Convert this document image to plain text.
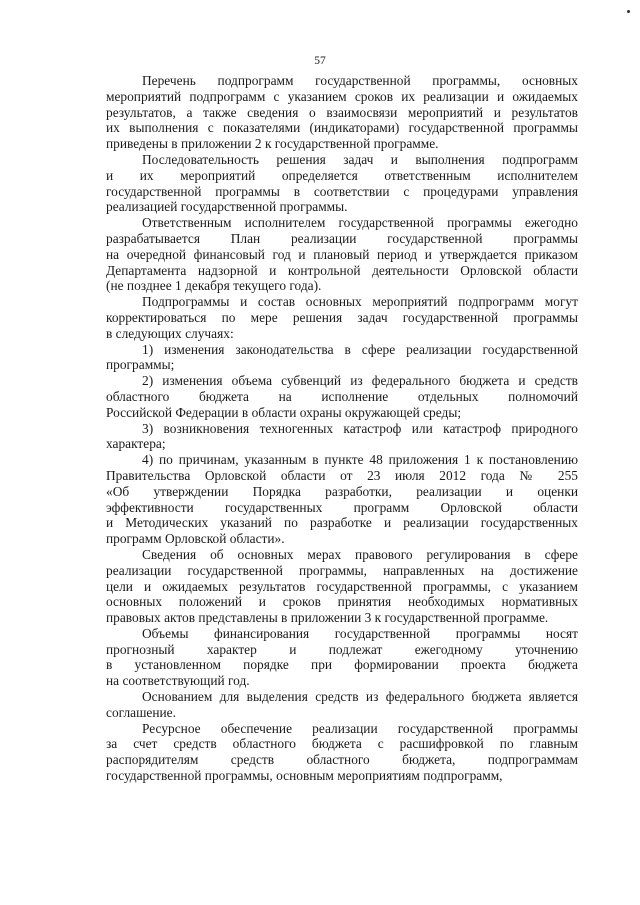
57
Перечень подпрограмм государственной программы, основных
мероприятий подпрограмм с указанием сроков их реализации и ожидаемых
результатов, а также сведения о взаимосвязи мероприятий и результатов
их выполнения с показателями (индикаторами) государственной программы
приведены в приложении 2 к государственной программе.
Последовательность решения задач и выполнения подпрограмм
и их мероприятий определяется ответственным исполнителем
государственной программы в соответствии с процедурами управления
реализацией государственной программы.
Ответственным исполнителем государственной программы ежегодно
разрабатывается План реализации государственной программы
на очередной финансовый год и плановый период и утверждается приказом
Департамента надзорной и контрольной деятельности Орловской области
(не позднее 1 декабря текущего года).
Подпрограммы и состав основных мероприятий подпрограмм могут
корректироваться по мере решения задач государственной программы
в следующих случаях:
1) изменения законодательства в сфере реализации государственной
программы;
2) изменения объема субвенций из федерального бюджета и средств
областного бюджета на исполнение отдельных полномочий
Российской Федерации в области охраны окружающей среды;
3) возникновения техногенных катастроф или катастроф природного
характера;
4) по причинам, указанным в пункте 48 приложения 1 к постановлению
Правительства Орловской области от 23 июля 2012 года № 255
«Об утверждении Порядка разработки, реализации и оценки
эффективности государственных программ Орловской области
и Методических указаний по разработке и реализации государственных
программ Орловской области».
Сведения об основных мерах правового регулирования в сфере
реализации государственной программы, направленных на достижение
цели и ожидаемых результатов государственной программы, с указанием
основных положений и сроков принятия необходимых нормативных
правовых актов представлены в приложении 3 к государственной программе.
Объемы финансирования государственной программы носят
прогнозный характер и подлежат ежегодному уточнению
в установленном порядке при формировании проекта бюджета
на соответствующий год.
Основанием для выделения средств из федерального бюджета является
соглашение.
Ресурсное обеспечение реализации государственной программы
за счет средств областного бюджета с расшифровкой по главным
распорядителям средств областного бюджета, подпрограммам
государственной программы, основным мероприятиям подпрограмм,
